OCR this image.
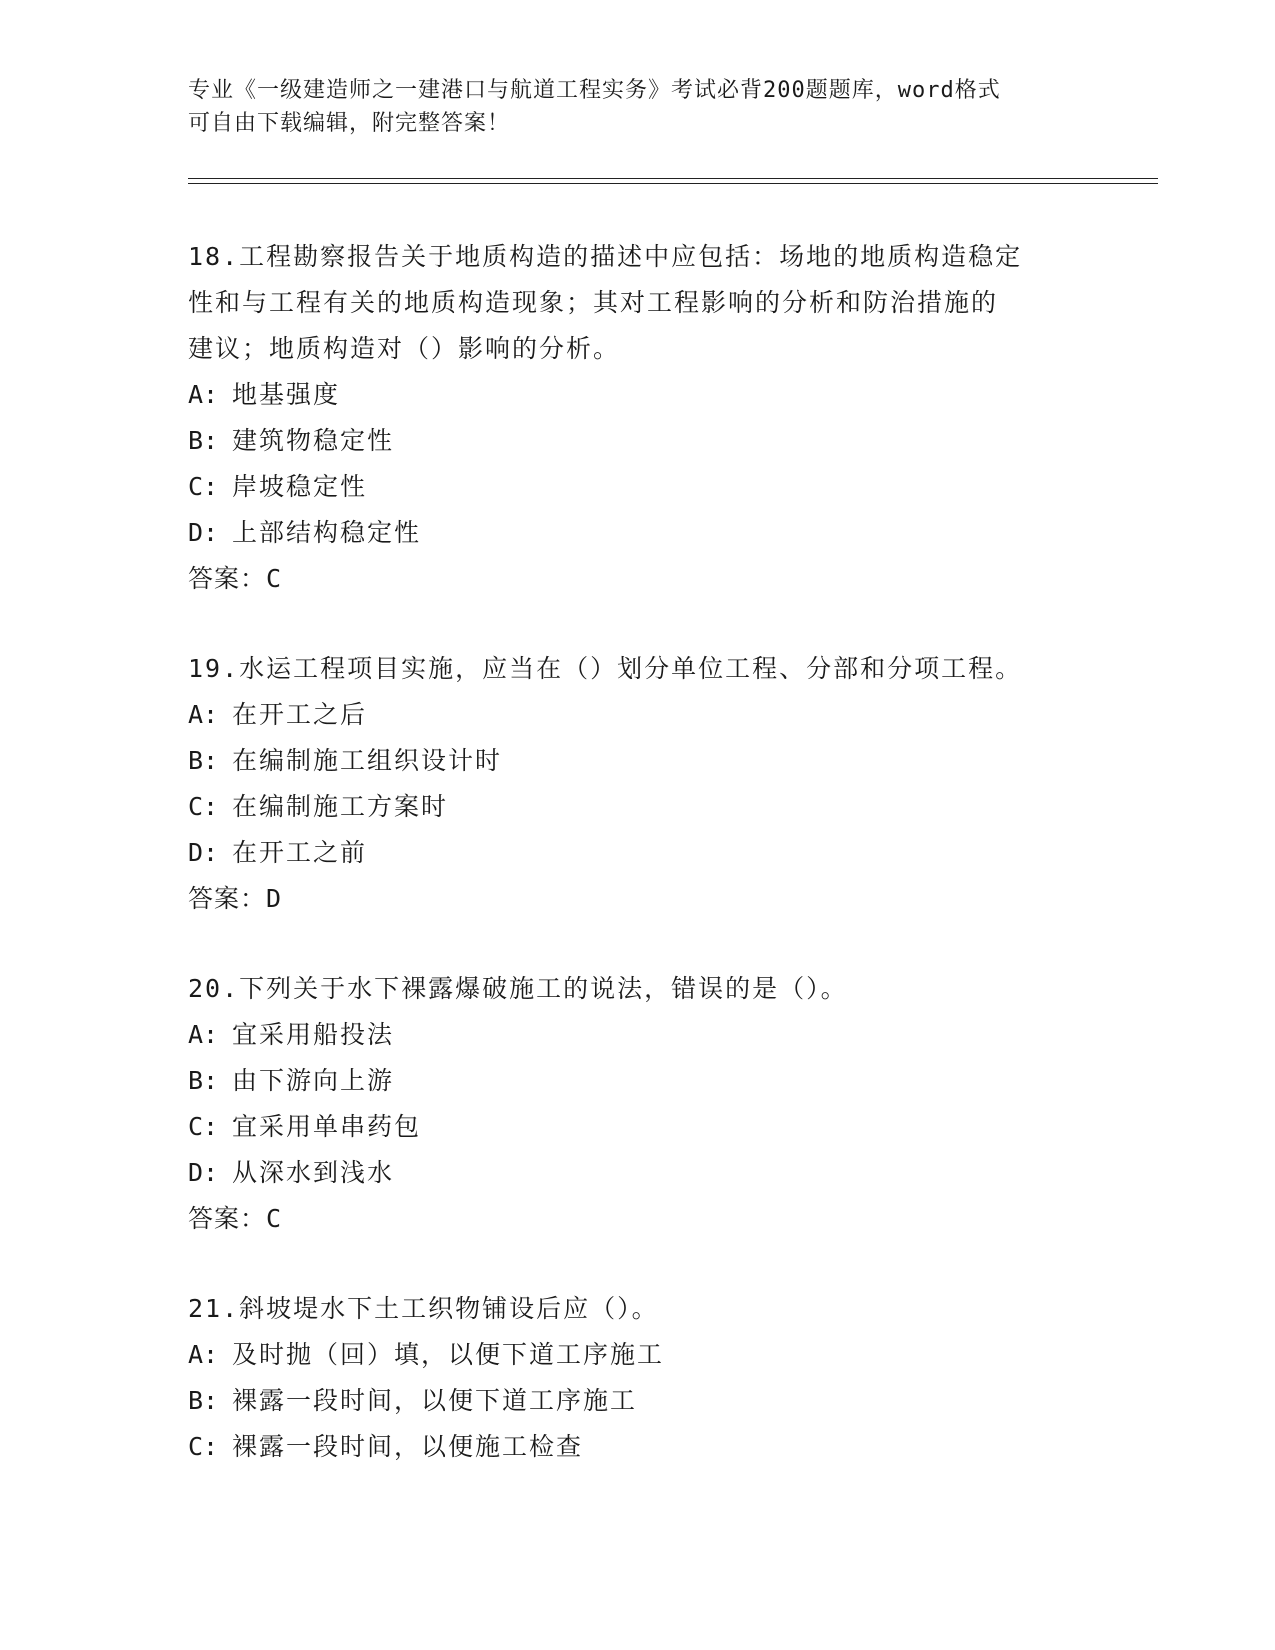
专业《一级建造师之一建港口与航道工程实务》考试必背200题题库，word格式
可自由下载编辑，附完整答案！
18.工程勘察报告关于地质构造的描述中应包括：场地的地质构造稳定
性和与工程有关的地质构造现象；其对工程影响的分析和防治措施的
建议；地质构造对（）影响的分析。
A: 地基强度
B: 建筑物稳定性
C: 岸坡稳定性
D: 上部结构稳定性
答案：C
19.水运工程项目实施，应当在（）划分单位工程、分部和分项工程。
A: 在开工之后
B: 在编制施工组织设计时
C: 在编制施工方案时
D: 在开工之前
答案：D
20.下列关于水下裸露爆破施工的说法，错误的是（）。
A: 宜采用船投法
B: 由下游向上游
C: 宜采用单串药包
D: 从深水到浅水
答案：C
21.斜坡堤水下土工织物铺设后应（）。
A: 及时抛（回）填，以便下道工序施工
B: 裸露一段时间，以便下道工序施工
C: 裸露一段时间，以便施工检查
